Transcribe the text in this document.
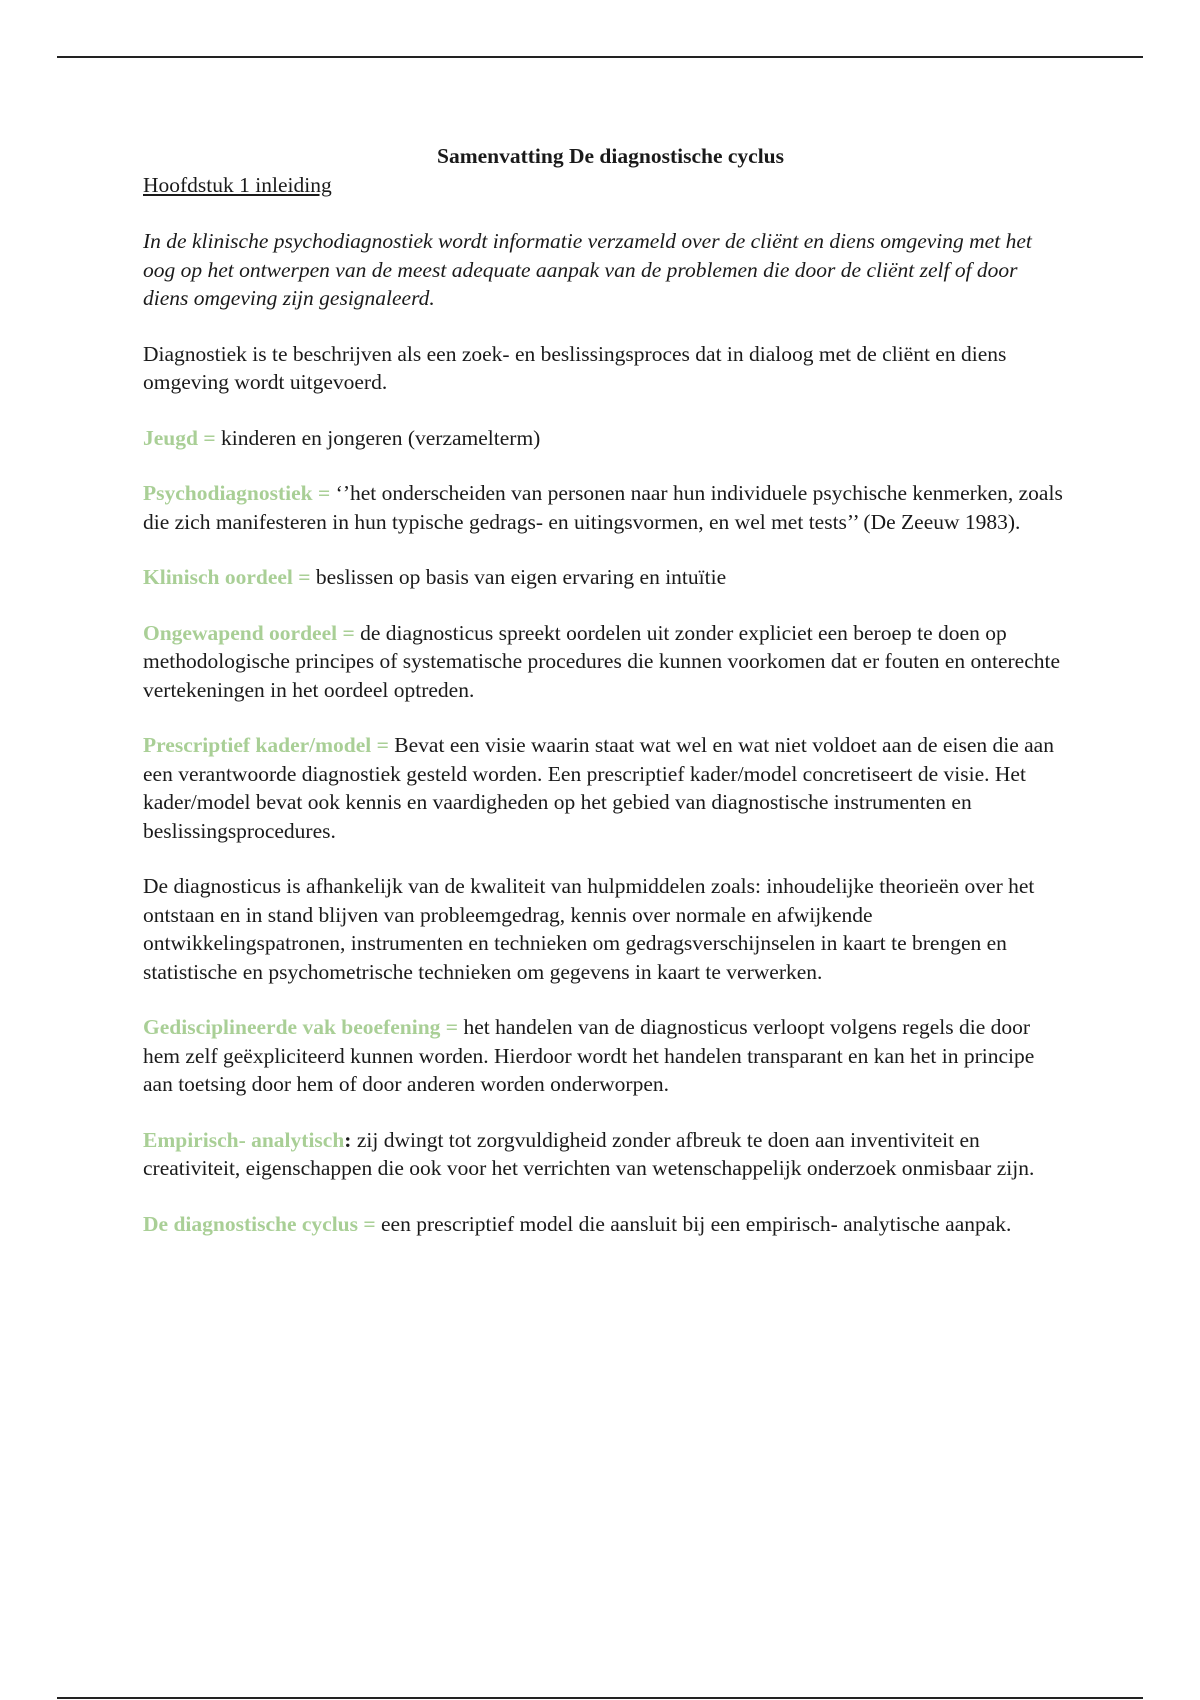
Samenvatting De diagnostische cyclus

Hoofdstuk 1 inleiding

In de klinische psychodiagnostiek wordt informatie verzameld over de cliënt en diens omgeving met het oog op het ontwerpen van de meest adequate aanpak van de problemen die door de cliënt zelf of door diens omgeving zijn gesignaleerd.

Diagnostiek is te beschrijven als een zoek- en beslissingsproces dat in dialoog met de cliënt en diens omgeving wordt uitgevoerd.

Jeugd = kinderen en jongeren (verzamelterm)

Psychodiagnostiek = ‘’het onderscheiden van personen naar hun individuele psychische kenmerken, zoals die zich manifesteren in hun typische gedrags- en uitingsvormen, en wel met tests’’ (De Zeeuw 1983).

Klinisch oordeel = beslissen op basis van eigen ervaring en intuïtie

Ongewapend oordeel = de diagnosticus spreekt oordelen uit zonder expliciet een beroep te doen op methodologische principes of systematische procedures die kunnen voorkomen dat er fouten en onterechte vertekeningen in het oordeel optreden.

Prescriptief kader/model = Bevat een visie waarin staat wat wel en wat niet voldoet aan de eisen die aan een verantwoorde diagnostiek gesteld worden. Een prescriptief kader/model concretiseert de visie. Het kader/model bevat ook kennis en vaardigheden op het gebied van diagnostische instrumenten en beslissingsprocedures.

De diagnosticus is afhankelijk van de kwaliteit van hulpmiddelen zoals: inhoudelijke theorieën over het ontstaan en in stand blijven van probleemgedrag, kennis over normale en afwijkende ontwikkelingspatronen, instrumenten en technieken om gedragsverschijnselen in kaart te brengen en statistische en psychometrische technieken om gegevens in kaart te verwerken.

Gedisciplineerde vak beoefening = het handelen van de diagnosticus verloopt volgens regels die door hem zelf geëxpliciteerd kunnen worden. Hierdoor wordt het handelen transparant en kan het in principe aan toetsing door hem of door anderen worden onderworpen.

Empirisch- analytisch: zij dwingt tot zorgvuldigheid zonder afbreuk te doen aan inventiviteit en creativiteit, eigenschappen die ook voor het verrichten van wetenschappelijk onderzoek onmisbaar zijn.

De diagnostische cyclus = een prescriptief model die aansluit bij een empirisch- analytische aanpak.
